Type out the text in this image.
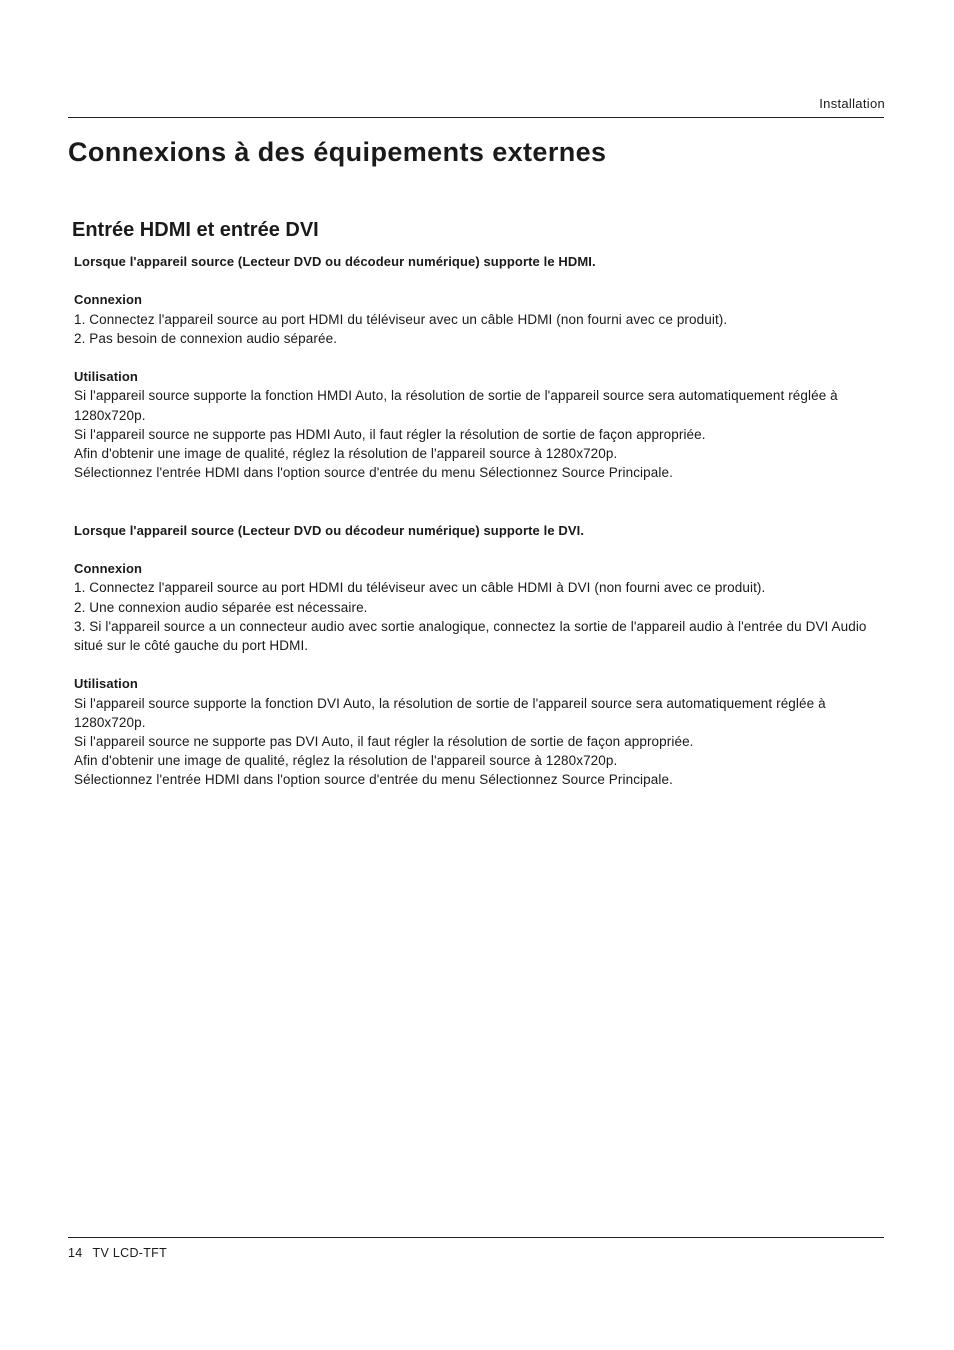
Installation
Connexions à des équipements externes
Entrée HDMI et entrée DVI

Lorsque l'appareil source (Lecteur DVD ou décodeur numérique) supporte le HDMI.

Connexion

1. Connectez l'appareil source au port HDMI du téléviseur avec un câble HDMI (non fourni avec ce produit).

2. Pas besoin de connexion audio séparée.

Utilisation

Si l'appareil source supporte la fonction HMDI Auto, la résolution de sortie de l'appareil source sera automatiquement réglée à 1280x720p.

Si l'appareil source ne supporte pas HDMI Auto, il faut régler la résolution de sortie de façon appropriée.

Afin d'obtenir une image de qualité, réglez la résolution de l'appareil source à 1280x720p.

Sélectionnez l'entrée HDMI dans l'option source d'entrée du menu Sélectionnez Source Principale.

Lorsque l'appareil source (Lecteur DVD ou décodeur numérique) supporte le DVI.

Connexion

1. Connectez l'appareil source au port HDMI du téléviseur avec un câble HDMI à DVI (non fourni avec ce produit).

2. Une connexion audio séparée est nécessaire.

3. Si l'appareil source a un connecteur audio avec sortie analogique, connectez la sortie de l'appareil audio à l'entrée du DVI Audio situé sur le côté gauche du port HDMI.

Utilisation

Si l'appareil source supporte la fonction DVI Auto, la résolution de sortie de l'appareil source sera automatiquement réglée à 1280x720p.

Si l'appareil source ne supporte pas DVI Auto, il faut régler la résolution de sortie de façon appropriée.

Afin d'obtenir une image de qualité, réglez la résolution de l'appareil source à 1280x720p.

Sélectionnez l'entrée HDMI dans l'option source d'entrée du menu Sélectionnez Source Principale.

14 TV LCD-TFT
